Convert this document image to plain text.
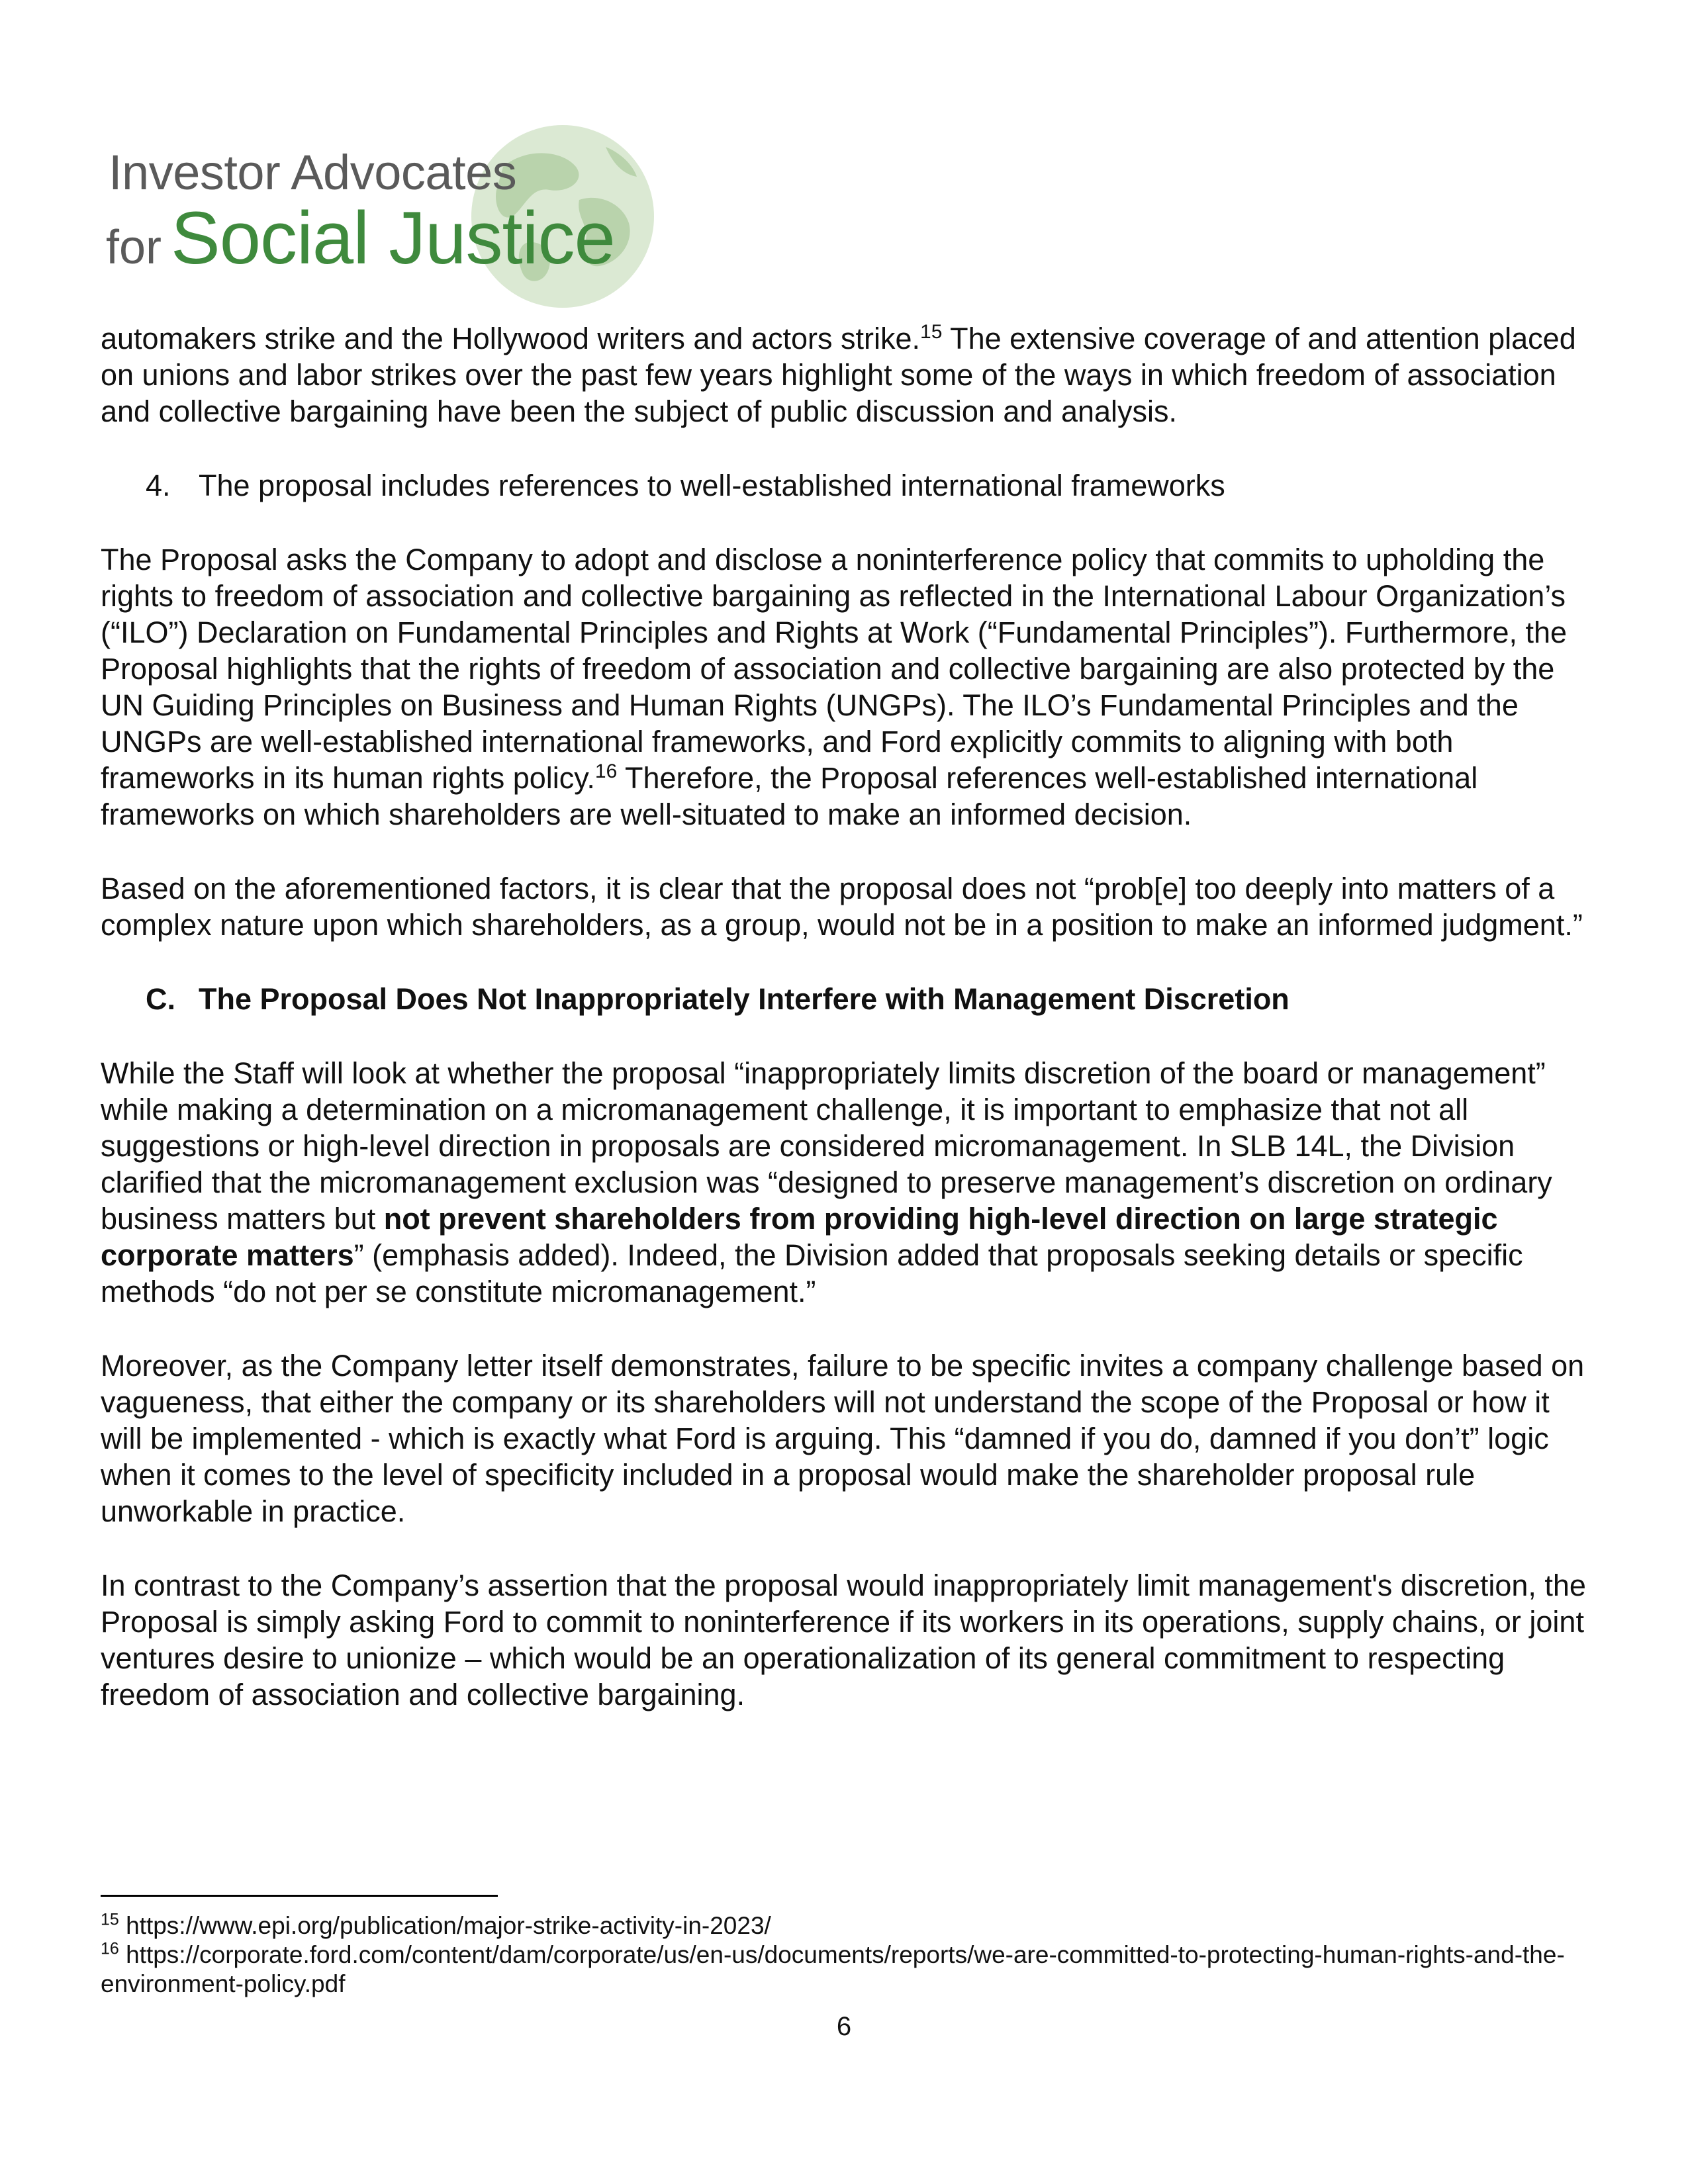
Investor Advocates
for Social Justice

automakers strike and the Hollywood writers and actors strike.$^{15}$ The extensive coverage of and attention placed on unions and labor strikes over the past few years highlight some of the ways in which freedom of association and collective bargaining have been the subject of public discussion and analysis.

4. The proposal includes references to well-established international frameworks

The Proposal asks the Company to adopt and disclose a noninterference policy that commits to upholding the rights to freedom of association and collective bargaining as reflected in the International Labour Organization’s (“ILO”) Declaration on Fundamental Principles and Rights at Work (“Fundamental Principles”). Furthermore, the Proposal highlights that the rights of freedom of association and collective bargaining are also protected by the UN Guiding Principles on Business and Human Rights (UNGPs). The ILO’s Fundamental Principles and the UNGPs are well-established international frameworks, and Ford explicitly commits to aligning with both frameworks in its human rights policy.$^{16}$ Therefore, the Proposal references well-established international frameworks on which shareholders are well-situated to make an informed decision.

Based on the aforementioned factors, it is clear that the proposal does not “prob[e] too deeply into matters of a complex nature upon which shareholders, as a group, would not be in a position to make an informed judgment.”

C. The Proposal Does Not Inappropriately Interfere with Management Discretion

While the Staff will look at whether the proposal “inappropriately limits discretion of the board or management” while making a determination on a micromanagement challenge, it is important to emphasize that not all suggestions or high-level direction in proposals are considered micromanagement. In SLB 14L, the Division clarified that the micromanagement exclusion was “designed to preserve management’s discretion on ordinary business matters but not prevent shareholders from providing high-level direction on large strategic corporate matters” (emphasis added). Indeed, the Division added that proposals seeking details or specific methods “do not per se constitute micromanagement.”

Moreover, as the Company letter itself demonstrates, failure to be specific invites a company challenge based on vagueness, that either the company or its shareholders will not understand the scope of the Proposal or how it will be implemented - which is exactly what Ford is arguing. This “damned if you do, damned if you don’t” logic when it comes to the level of specificity included in a proposal would make the shareholder proposal rule unworkable in practice.

In contrast to the Company’s assertion that the proposal would inappropriately limit management's discretion, the Proposal is simply asking Ford to commit to noninterference if its workers in its operations, supply chains, or joint ventures desire to unionize – which would be an operationalization of its general commitment to respecting freedom of association and collective bargaining.

$^{15}$ https://www.epi.org/publication/major-strike-activity-in-2023/

$^{16}$ https://corporate.ford.com/content/dam/corporate/us/en-us/documents/reports/we-are-committed-to-protecting-human-rights-and-the-environment-policy.pdf

6
